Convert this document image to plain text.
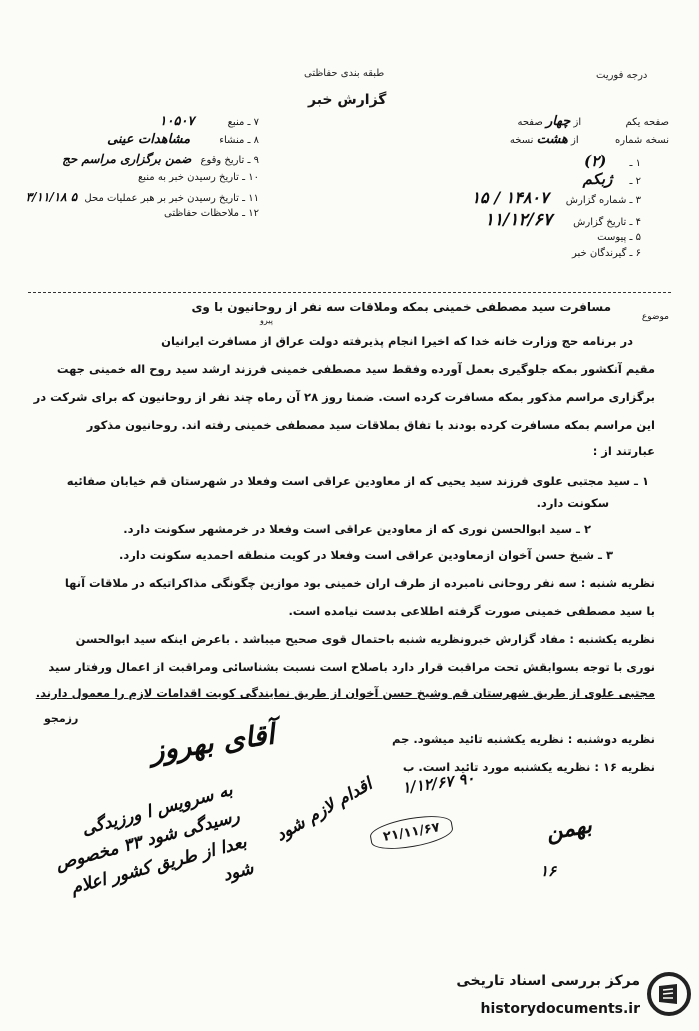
طبقه بندی حفاظتی
گزارش خبر
درجه فوریت
صفحه یکم  از چهار صفحه
نسخه شماره  از هشت نسخه
۱ ـ (۲)
۲ ـ ژبکم
۳ ـ شماره گزارش ۱۴۸۰۷ / ۱۵
۴ ـ تاریخ گزارش ۱۱/۱۲/۶۷
۵ ـ پیوست
۶ ـ گیرندگان خبر
۷ ـ منبع ۱۰۵۰۷
۸ ـ منشاء مشاهدات عینی
۹ ـ تاریخ وقوع ضمن برگزاری مراسم حج
۱۰ ـ تاریخ رسیدن خبر به منبع
۱۱ ـ تاریخ رسیدن خبر بر هبر عملیات محل ۵ ۳/۱۱/۱۸
۱۲ ـ ملاحظات حفاظتی
موضوع
مسافرت سید مصطفی خمینی بمکه وملاقات سه نفر از روحانیون با وی
پیرو
در برنامه حج وزارت خانه خدا که اخیرا انجام پذیرفته دولت عراق از مسافرت ایرانیان
مقیم آنکشور بمکه جلوگیری بعمل آورده وفقط سید مصطفی خمینی فرزند ارشد سید روح اله خمینی جهت
برگزاری مراسم مذکور بمکه مسافرت کرده است. ضمنا روز ۲۸ آن رماه چند نفر از روحانیون که برای شرکت در
این مراسم بمکه مسافرت کرده بودند با تفاق بملاقات سید مصطفی خمینی رفته اند. روحانیون مذکور
عبارتند از :
۱ ـ سید مجتبی علوی فرزند سید یحیی که از معاودین عراقی است وفعلا در شهرستان قم خیابان صفائیه
سکونت دارد.
۲ ـ سید ابوالحسن نوری که از معاودین عراقی است وفعلا در خرمشهر سکونت دارد.
۳ ـ شیخ حسن آخوان ازمعاودین عراقی است وفعلا در کویت منطقه احمدیه سکونت دارد.
نظریه شنبه : سه نفر روحانی نامبرده از طرف اران خمینی بود موازین چگونگی مذاکراتیکه در ملاقات آنها
با سید مصطفی خمینی صورت گرفته اطلاعی بدست نیامده است.
نظریه یکشنبه : مفاد گزارش خبرونظریه شنبه باحتمال قوی صحیح میباشد . باعرض اینکه سید ابوالحسن
نوری با توجه بسوابقش تحت مراقبت قرار دارد باصلاح است نسبت بشناسائی ومراقبت از اعمال ورفتار سید
مجتبی علوی از طریق شهرستان قم وشیخ حسن آخوان از طریق نمایندگی کویت اقدامات لازم را معمول دارند.
رزمجو
نظریه دوشنبه : نظریه یکشنبه تائید میشود. جم
نظریه ۱۶ : نظریه یکشنبه مورد تائید است. ب
۹۰ ۱/۱۲/۶۷
آقای بهروز
به سرویس ا ورزیدگی رسیدگی شود ۳۳ مخصوص بعدا از طریق کشور اعلام شود
اقدام لازم شود ۲۱/۱۱/۶۷	بهمن
۱۶
مرکز بررسی اسناد تاریخی
historydocuments.ir
